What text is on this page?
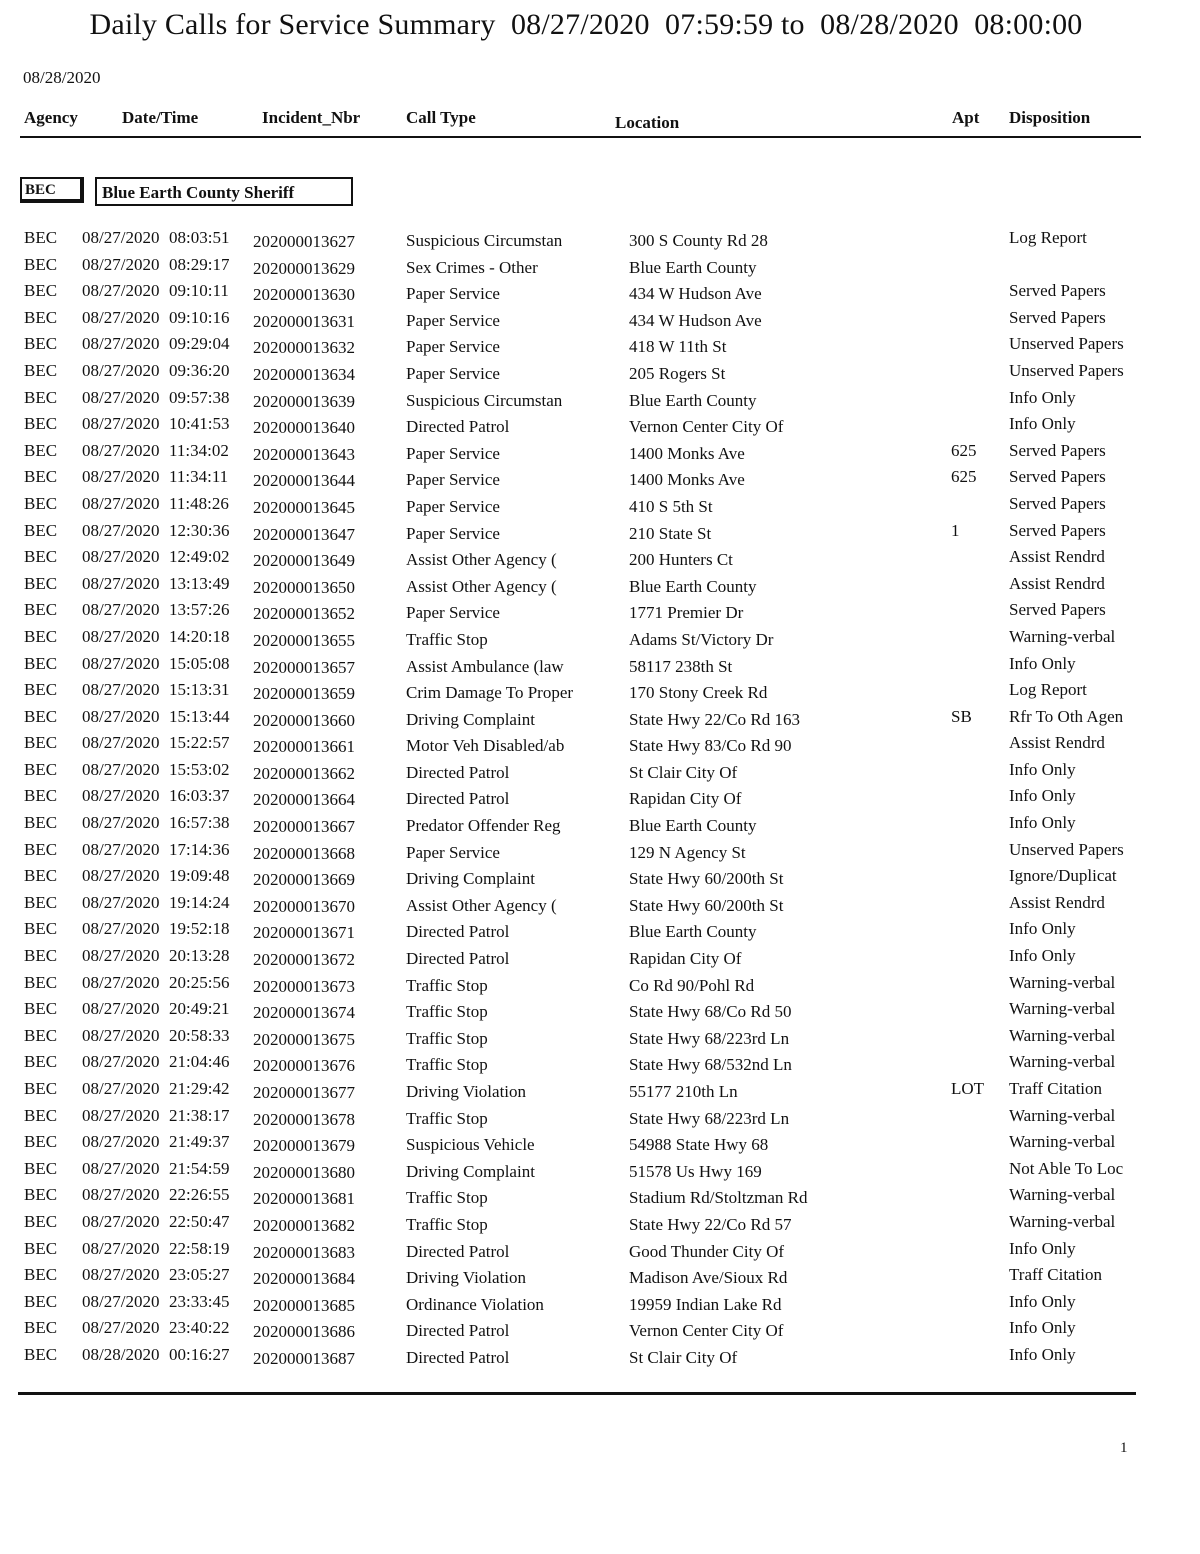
Daily Calls for Service Summary  08/27/2020  07:59:59 to  08/28/2020  08:00:00
08/28/2020
Agency	Date/Time	Incident_Nbr	Call Type	Location	Apt Disposition
BEC	Blue Earth County Sheriff
BEC 08/27/2020 08:03:51 202000013627	Suspicious Circumstan	300 S County Rd 28	Log Report
BEC 08/27/2020 08:29:17 202000013629	Sex Crimes - Other	Blue Earth County
BEC 08/27/2020 09:10:11 202000013630	Paper Service	434 W Hudson Ave	Served Papers
BEC 08/27/2020 09:10:16 202000013631	Paper Service	434 W Hudson Ave	Served Papers
BEC 08/27/2020 09:29:04 202000013632	Paper Service	418 W 11th St	Unserved Papers
BEC 08/27/2020 09:36:20 202000013634	Paper Service	205 Rogers St	Unserved Papers
BEC 08/27/2020 09:57:38 202000013639	Suspicious Circumstan	Blue Earth County	Info Only
BEC 08/27/2020 10:41:53 202000013640	Directed Patrol	Vernon Center City Of	Info Only
BEC 08/27/2020 11:34:02 202000013643	Paper Service	1400 Monks Ave	625 Served Papers
BEC 08/27/2020 11:34:11 202000013644	Paper Service	1400 Monks Ave	625 Served Papers
BEC 08/27/2020 11:48:26 202000013645	Paper Service	410 S 5th St	Served Papers
BEC 08/27/2020 12:30:36 202000013647	Paper Service	210 State St	1	Served Papers
BEC 08/27/2020 12:49:02 202000013649	Assist Other Agency (	200 Hunters Ct	Assist Rendrd
BEC 08/27/2020 13:13:49 202000013650	Assist Other Agency (	Blue Earth County	Assist Rendrd
BEC 08/27/2020 13:57:26 202000013652	Paper Service	1771 Premier Dr	Served Papers
BEC 08/27/2020 14:20:18 202000013655	Traffic Stop	Adams St/Victory Dr	Warning-verbal
BEC 08/27/2020 15:05:08 202000013657	Assist Ambulance (law	58117 238th St	Info Only
BEC 08/27/2020 15:13:31 202000013659	Crim Damage To Proper	170 Stony Creek Rd	Log Report
BEC 08/27/2020 15:13:44 202000013660	Driving Complaint	State Hwy 22/Co Rd 163	SB Rfr To Oth Agen
BEC 08/27/2020 15:22:57 202000013661	Motor Veh Disabled/ab	State Hwy 83/Co Rd 90	Assist Rendrd
BEC 08/27/2020 15:53:02 202000013662	Directed Patrol	St Clair City Of	Info Only
BEC 08/27/2020 16:03:37 202000013664	Directed Patrol	Rapidan City Of	Info Only
BEC 08/27/2020 16:57:38 202000013667	Predator Offender Reg	Blue Earth County	Info Only
BEC 08/27/2020 17:14:36 202000013668	Paper Service	129 N Agency St	Unserved Papers
BEC 08/27/2020 19:09:48 202000013669	Driving Complaint	State Hwy 60/200th St	Ignore/Duplicat
BEC 08/27/2020 19:14:24 202000013670	Assist Other Agency (	State Hwy 60/200th St	Assist Rendrd
BEC 08/27/2020 19:52:18 202000013671	Directed Patrol	Blue Earth County	Info Only
BEC 08/27/2020 20:13:28 202000013672	Directed Patrol	Rapidan City Of	Info Only
BEC 08/27/2020 20:25:56 202000013673	Traffic Stop	Co Rd 90/Pohl Rd	Warning-verbal
BEC 08/27/2020 20:49:21 202000013674	Traffic Stop	State Hwy 68/Co Rd 50	Warning-verbal
BEC 08/27/2020 20:58:33 202000013675	Traffic Stop	State Hwy 68/223rd Ln	Warning-verbal
BEC 08/27/2020 21:04:46 202000013676	Traffic Stop	State Hwy 68/532nd Ln	Warning-verbal
BEC 08/27/2020 21:29:42 202000013677	Driving Violation	55177 210th Ln	LOT Traff Citation
BEC 08/27/2020 21:38:17 202000013678	Traffic Stop	State Hwy 68/223rd Ln	Warning-verbal
BEC 08/27/2020 21:49:37 202000013679	Suspicious Vehicle	54988 State Hwy 68	Warning-verbal
BEC 08/27/2020 21:54:59 202000013680	Driving Complaint	51578 Us Hwy 169	Not Able To Loc
BEC 08/27/2020 22:26:55 202000013681	Traffic Stop	Stadium Rd/Stoltzman Rd	Warning-verbal
BEC 08/27/2020 22:50:47 202000013682	Traffic Stop	State Hwy 22/Co Rd 57	Warning-verbal
BEC 08/27/2020 22:58:19 202000013683	Directed Patrol	Good Thunder City Of	Info Only
BEC 08/27/2020 23:05:27 202000013684	Driving Violation	Madison Ave/Sioux Rd	Traff Citation
BEC 08/27/2020 23:33:45 202000013685	Ordinance Violation	19959 Indian Lake Rd	Info Only
BEC 08/27/2020 23:40:22 202000013686	Directed Patrol	Vernon Center City Of	Info Only
BEC 08/28/2020 00:16:27 202000013687	Directed Patrol	St Clair City Of	Info Only
1
